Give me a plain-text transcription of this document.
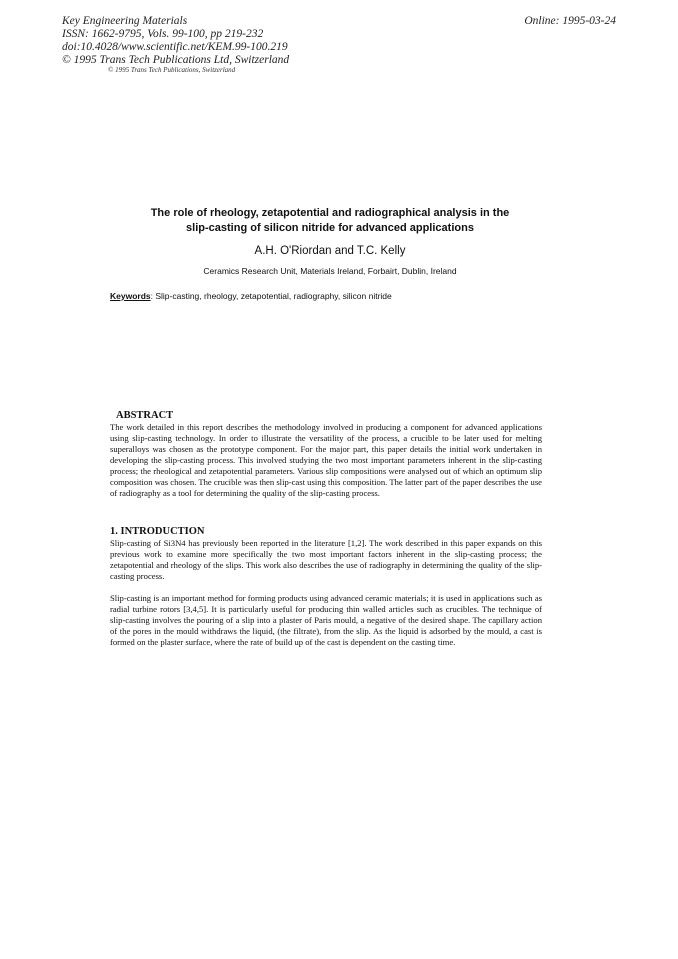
Key Engineering Materials
ISSN: 1662-9795, Vols. 99-100, pp 219-232
doi:10.4028/www.scientific.net/KEM.99-100.219
© 1995 Trans Tech Publications Ltd, Switzerland
Online: 1995-03-24
© 1995 Trans Tech Publications, Switzerland
The role of rheology, zetapotential and radiographical analysis in the
slip-casting of silicon nitride for advanced applications
A.H. O'Riordan and T.C. Kelly
Ceramics Research Unit, Materials Ireland, Forbairt, Dublin, Ireland
Keywords: Slip-casting, rheology, zetapotential, radiography, silicon nitride
ABSTRACT

The work detailed in this report describes the methodology involved in producing a component for advanced applications using slip-casting technology. In order to illustrate the versatility of the process, a crucible to be later used for melting superalloys was chosen as the prototype component. For the major part, this paper details the initial work undertaken in developing the slip-casting process. This involved studying the two most important parameters inherent in the slip-casting process; the rheological and zetapotential parameters. Various slip compositions were analysed out of which an optimum slip composition was chosen. The crucible was then slip-cast using this composition. The latter part of the paper describes the use of radiography as a tool for determining the quality of the slip-casting process.

1. INTRODUCTION

Slip-casting of Si3N4 has previously been reported in the literature [1,2]. The work described in this paper expands on this previous work to examine more specifically the two most important factors inherent in the slip-casting process; the zetapotential and rheology of the slips. This work also describes the use of radiography in determining the quality of the slip-casting process.

Slip-casting is an important method for forming products using advanced ceramic materials; it is used in applications such as radial turbine rotors [3,4,5]. It is particularly useful for producing thin walled articles such as crucibles. The technique of slip-casting involves the pouring of a slip into a plaster of Paris mould, a negative of the desired shape. The capillary action of the pores in the mould withdraws the liquid, (the filtrate), from the slip. As the liquid is adsorbed by the mould, a cast is formed on the plaster surface, where the rate of build up of the cast is dependent on the casting time.
